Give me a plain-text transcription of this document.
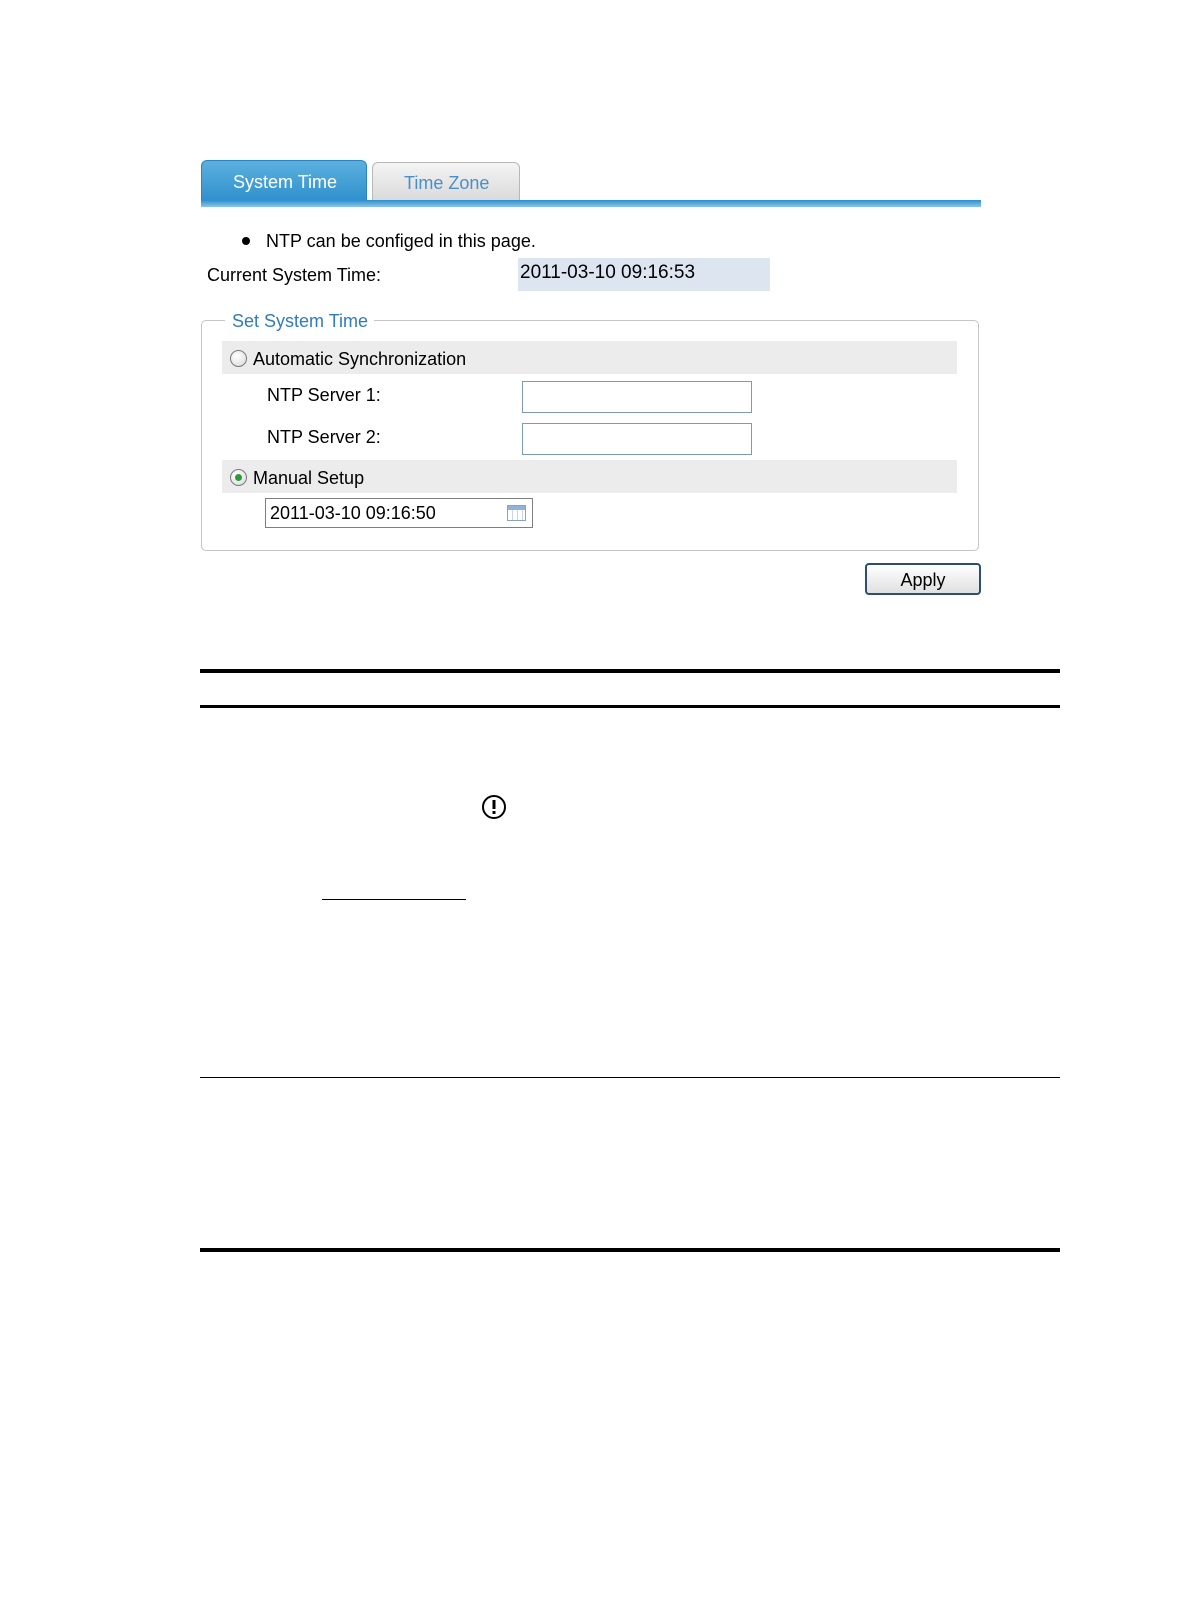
System Time	Time Zone
NTP can be configed in this page.
Current System Time:	2011-03-10 09:16:53
Set System Time
Automatic Synchronization
NTP Server 1:
NTP Server 2:
Manual Setup
2011-03-10 09:16:50
Apply
